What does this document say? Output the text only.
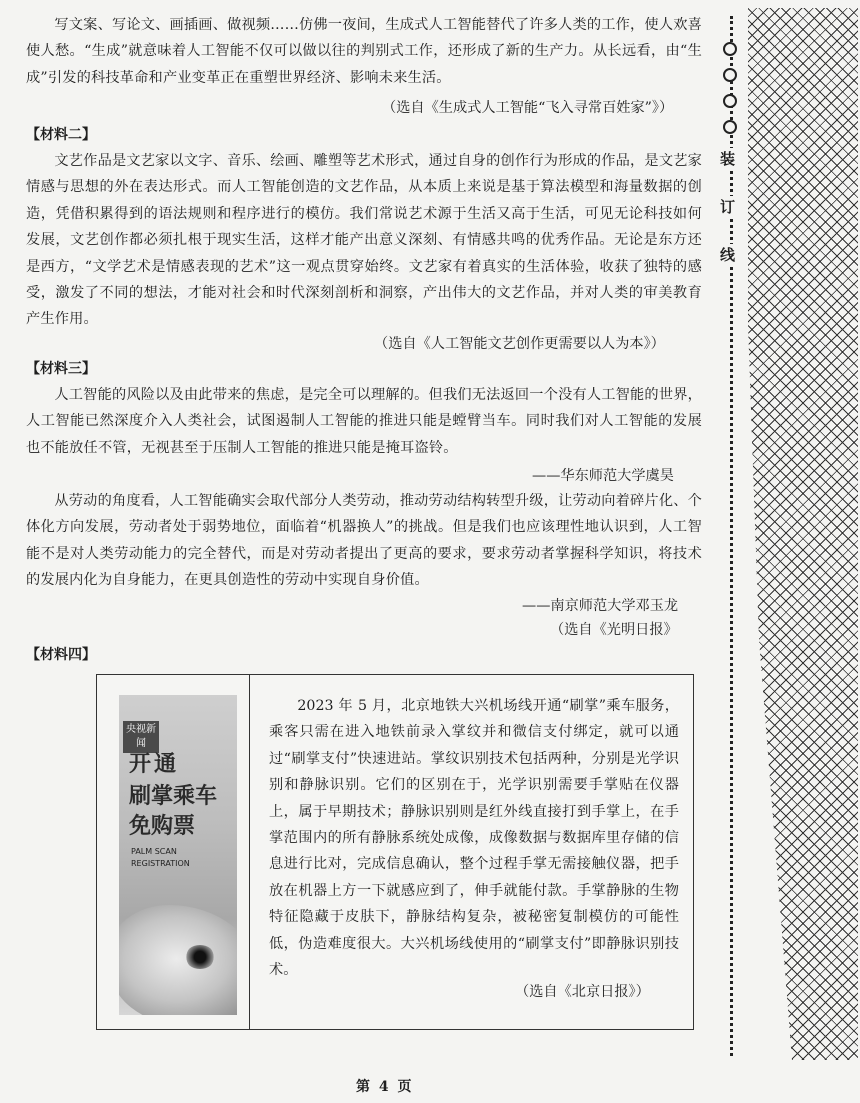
写文案、写论文、画插画、做视频……仿佛一夜间，生成式人工智能替代了许多人类的工作，使人欢喜使人愁。“生成”就意味着人工智能不仅可以做以往的判别式工作，还形成了新的生产力。从长远看，由“生成”引发的科技革命和产业变革正在重塑世界经济、影响未来生活。

（选自《生成式人工智能“飞入寻常百姓家”》）
【材料二】

文艺作品是文艺家以文字、音乐、绘画、雕塑等艺术形式，通过自身的创作行为形成的作品，是文艺家情感与思想的外在表达形式。而人工智能创造的文艺作品，从本质上来说是基于算法模型和海量数据的创造，凭借积累得到的语法规则和程序进行的模仿。我们常说艺术源于生活又高于生活，可见无论科技如何发展，文艺创作都必须扎根于现实生活，这样才能产出意义深刻、有情感共鸣的优秀作品。无论是东方还是西方，“文学艺术是情感表现的艺术”这一观点贯穿始终。文艺家有着真实的生活体验，收获了独特的感受，激发了不同的想法，才能对社会和时代深刻剖析和洞察，产出伟大的文艺作品，并对人类的审美教育产生作用。

（选自《人工智能文艺创作更需要以人为本》）
【材料三】

人工智能的风险以及由此带来的焦虑，是完全可以理解的。但我们无法返回一个没有人工智能的世界，人工智能已然深度介入人类社会，试图遏制人工智能的推进只能是螳臂当车。同时我们对人工智能的发展也不能放任不管，无视甚至于压制人工智能的推进只能是掩耳盗铃。

——华东师范大学虞昊

从劳动的角度看，人工智能确实会取代部分人类劳动，推动劳动结构转型升级，让劳动向着碎片化、个体化方向发展，劳动者处于弱势地位，面临着“机器换人”的挑战。但是我们也应该理性地认识到，人工智能不是对人类劳动能力的完全替代，而是对劳动者提出了更高的要求，要求劳动者掌握科学知识，将技术的发展内化为自身能力，在更具创造性的劳动中实现自身价值。

——南京师范大学邓玉龙
（选自《光明日报》
【材料四】
央视新闻
开通
刷掌乘车
免购票
PALM SCAN
REGISTRATION

2023 年 5 月，北京地铁大兴机场线开通“刷掌”乘车服务，乘客只需在进入地铁前录入掌纹并和微信支付绑定，就可以通过“刷掌支付”快速进站。掌纹识别技术包括两种，分别是光学识别和静脉识别。它们的区别在于，光学识别需要手掌贴在仪器上，属于早期技术；静脉识别则是红外线直接打到手掌上，在手掌范围内的所有静脉系统处成像，成像数据与数据库里存储的信息进行比对，完成信息确认，整个过程手掌无需接触仪器，把手放在机器上方一下就感应到了，伸手就能付款。手掌静脉的生物特征隐藏于皮肤下，静脉结构复杂，被秘密复制模仿的可能性低，伪造难度很大。大兴机场线使用的“刷掌支付”即静脉识别技术。

（选自《北京日报》）
装
订
线
第 4 页
